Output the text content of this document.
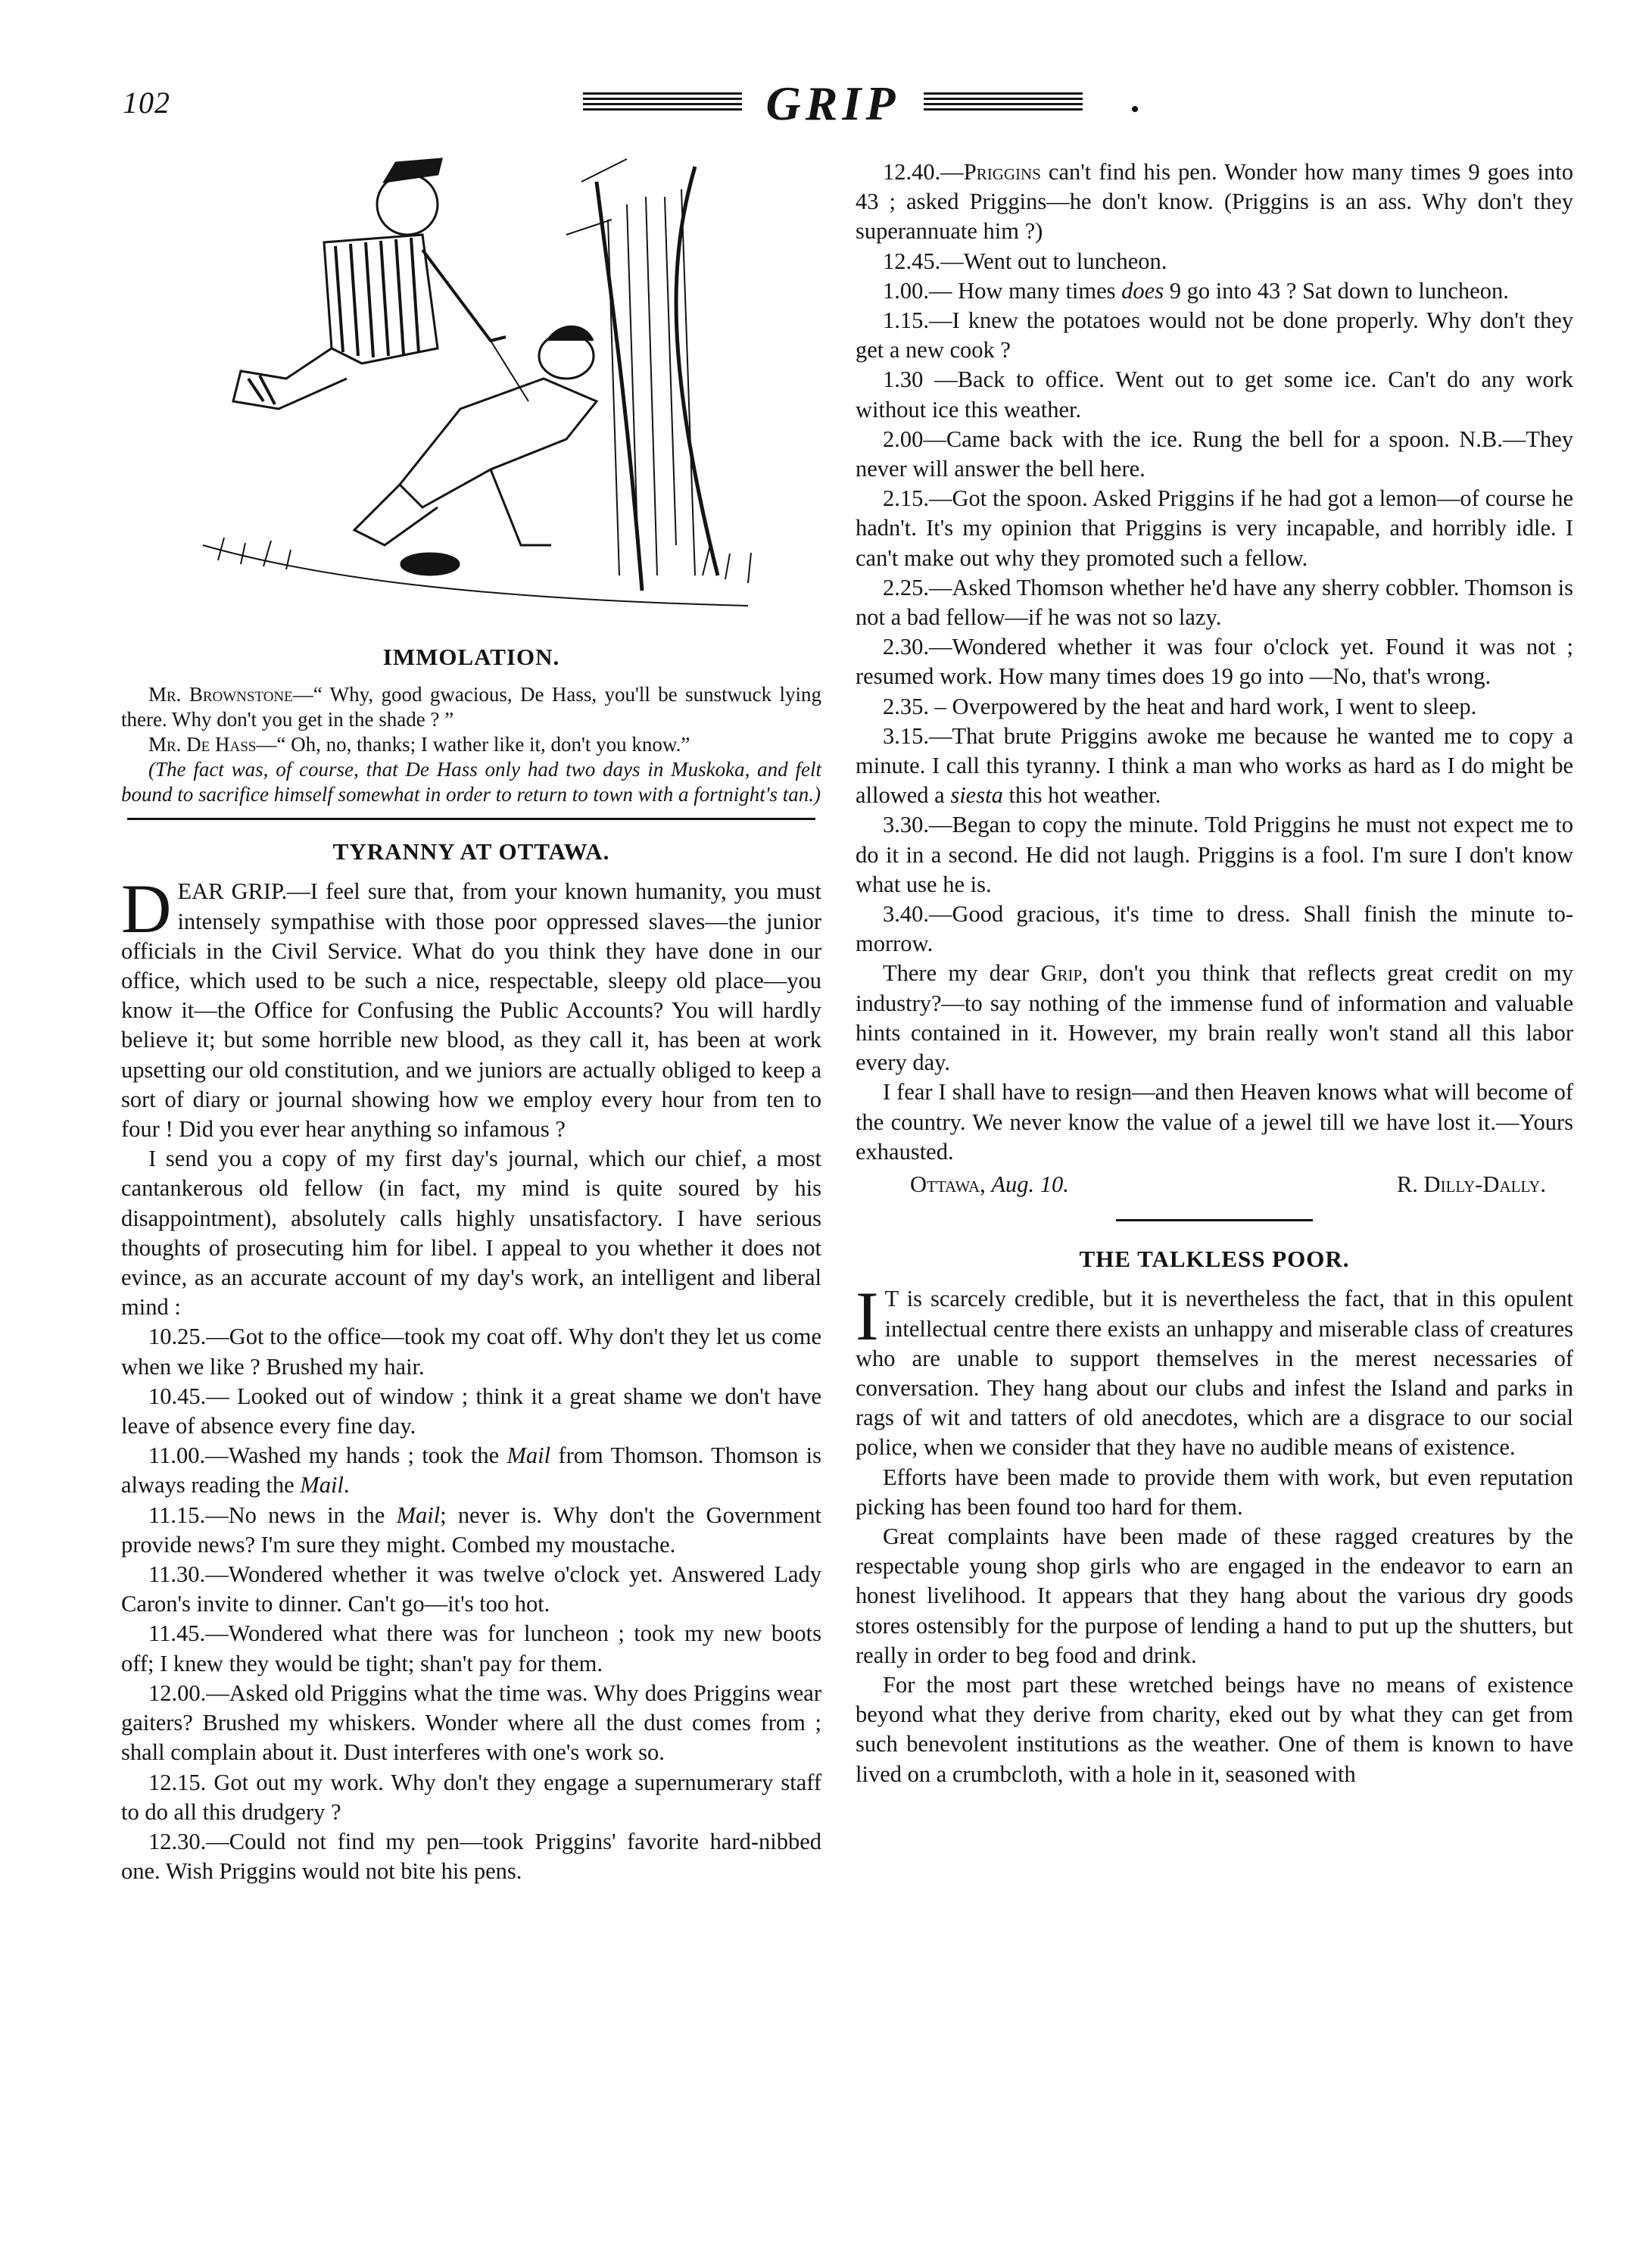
102	GRIP
IMMOLATION.

Mr. Brownstone—“ Why, good gwacious, De Hass, you'll be sunstwuck lying there. Why don't you get in the shade ? ”

Mr. De Hass—“ Oh, no, thanks; I wather like it, don't you know.”

(The fact was, of course, that De Hass only had two days in Muskoka, and felt bound to sacrifice himself somewhat in order to return to town with a fortnight's tan.)

TYRANNY AT OTTAWA.

DEAR GRIP.—I feel sure that, from your known humanity, you must intensely sympathise with those poor oppressed slaves—the junior officials in the Civil Service. What do you think they have done in our office, which used to be such a nice, respectable, sleepy old place—you know it—the Office for Confusing the Public Accounts? You will hardly believe it; but some horrible new blood, as they call it, has been at work upsetting our old constitution, and we juniors are actually obliged to keep a sort of diary or journal showing how we employ every hour from ten to four ! Did you ever hear anything so infamous ?

I send you a copy of my first day's journal, which our chief, a most cantankerous old fellow (in fact, my mind is quite soured by his disappointment), absolutely calls highly unsatisfactory. I have serious thoughts of prosecuting him for libel. I appeal to you whether it does not evince, as an accurate account of my day's work, an intelligent and liberal mind :

10.25.—Got to the office—took my coat off. Why don't they let us come when we like ? Brushed my hair.

10.45.— Looked out of window ; think it a great shame we don't have leave of absence every fine day.

11.00.—Washed my hands ; took the Mail from Thomson. Thomson is always reading the Mail.

11.15.—No news in the Mail; never is. Why don't the Government provide news? I'm sure they might. Combed my moustache.

11.30.—Wondered whether it was twelve o'clock yet. Answered Lady Caron's invite to dinner. Can't go—it's too hot.

11.45.—Wondered what there was for luncheon ; took my new boots off; I knew they would be tight; shan't pay for them.

12.00.—Asked old Priggins what the time was. Why does Priggins wear gaiters? Brushed my whiskers. Wonder where all the dust comes from ; shall complain about it. Dust interferes with one's work so.

12.15. Got out my work. Why don't they engage a supernumerary staff to do all this drudgery ?

12.30.—Could not find my pen—took Priggins' favorite hard-nibbed one. Wish Priggins would not bite his pens.

12.40.—Priggins can't find his pen. Wonder how many times 9 goes into 43 ; asked Priggins—he don't know. (Priggins is an ass. Why don't they superannuate him ?)

12.45.—Went out to luncheon.

1.00.— How many times does 9 go into 43 ? Sat down to luncheon.

1.15.—I knew the potatoes would not be done properly. Why don't they get a new cook ?

1.30 —Back to office. Went out to get some ice. Can't do any work without ice this weather.

2.00—Came back with the ice. Rung the bell for a spoon. N.B.—They never will answer the bell here.

2.15.—Got the spoon. Asked Priggins if he had got a lemon—of course he hadn't. It's my opinion that Priggins is very incapable, and horribly idle. I can't make out why they promoted such a fellow.

2.25.—Asked Thomson whether he'd have any sherry cobbler. Thomson is not a bad fellow—if he was not so lazy.

2.30.—Wondered whether it was four o'clock yet. Found it was not ; resumed work. How many times does 19 go into —No, that's wrong.

2.35. – Overpowered by the heat and hard work, I went to sleep.

3.15.—That brute Priggins awoke me because he wanted me to copy a minute. I call this tyranny. I think a man who works as hard as I do might be allowed a siesta this hot weather.

3.30.—Began to copy the minute. Told Priggins he must not expect me to do it in a second. He did not laugh. Priggins is a fool. I'm sure I don't know what use he is.

3.40.—Good gracious, it's time to dress. Shall finish the minute to-morrow.

There my dear Grip, don't you think that reflects great credit on my industry?—to say nothing of the immense fund of information and valuable hints contained in it. However, my brain really won't stand all this labor every day.

I fear I shall have to resign—and then Heaven knows what will become of the country. We never know the value of a jewel till we have lost it.—Yours exhausted.

Ottawa, Aug. 10.	R. Dilly-Dally.

THE TALKLESS POOR.

I T is scarcely credible, but it is nevertheless the fact, that in this opulent intellectual centre there exists an unhappy and miserable class of creatures who are unable to support themselves in the merest necessaries of conversation. They hang about our clubs and infest the Island and parks in rags of wit and tatters of old anecdotes, which are a disgrace to our social police, when we consider that they have no audible means of existence.

Efforts have been made to provide them with work, but even reputation picking has been found too hard for them.

Great complaints have been made of these ragged creatures by the respectable young shop girls who are engaged in the endeavor to earn an honest livelihood. It appears that they hang about the various dry goods stores ostensibly for the purpose of lending a hand to put up the shutters, but really in order to beg food and drink.

For the most part these wretched beings have no means of existence beyond what they derive from charity, eked out by what they can get from such benevolent institutions as the weather. One of them is known to have lived on a crumbcloth, with a hole in it, seasoned with
